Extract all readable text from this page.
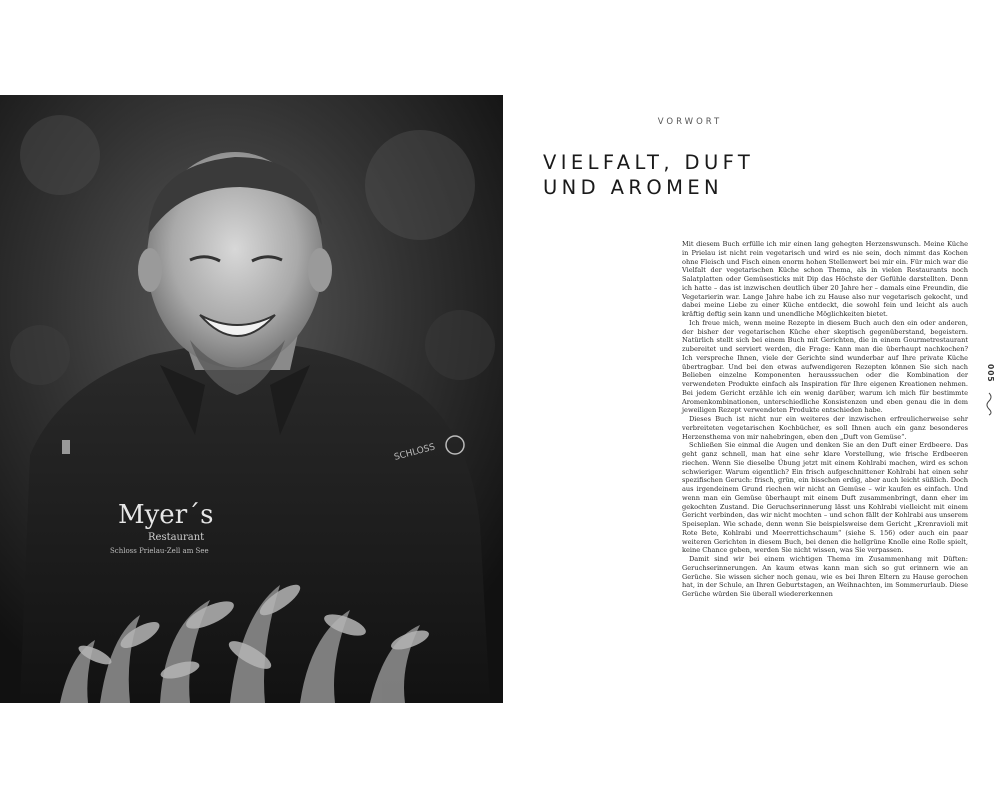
SCHLOSS
Myer´s
Restaurant
Schloss Prielau-Zell am See
VORWORT
VIELFALT, DUFT
UND AROMEN

Mit diesem Buch erfülle ich mir einen lang gehegten Herzenswunsch. Meine Küche in Prielau ist nicht rein vegetarisch und wird es nie sein, doch nimmt das Kochen ohne Fleisch und Fisch einen enorm hohen Stellenwert bei mir ein. Für mich war die Vielfalt der vegetarischen Küche schon Thema, als in vielen Restaurants noch Salatplatten oder Gemüsesticks mit Dip das Höchste der Gefühle darstellten. Denn ich hatte – das ist inzwischen deutlich über 20 Jahre her – damals eine Freundin, die Vegetarierin war. Lange Jahre habe ich zu Hause also nur vegetarisch gekocht, und dabei meine Liebe zu einer Küche entdeckt, die sowohl fein und leicht als auch kräftig deftig sein kann und unendliche Möglichkeiten bietet.

Ich freue mich, wenn meine Rezepte in diesem Buch auch den ein oder anderen, der bisher der vegetarischen Küche eher skeptisch gegenüberstand, begeistern. Natürlich stellt sich bei einem Buch mit Gerichten, die in einem Gourmetrestaurant zubereitet und serviert werden, die Frage: Kann man die überhaupt nachkochen? Ich verspreche Ihnen, viele der Gerichte sind wunderbar auf Ihre private Küche übertragbar. Und bei den etwas aufwendigeren Rezepten können Sie sich nach Belieben einzelne Komponenten herausssuchen oder die Kombination der verwendeten Produkte einfach als Inspiration für Ihre eigenen Kreationen nehmen. Bei jedem Gericht erzähle ich ein wenig darüber, warum ich mich für bestimmte Aromenkombinationen, unterschiedliche Konsistenzen und eben genau die in dem jeweiligen Rezept verwendeten Produkte entschieden habe.

Dieses Buch ist nicht nur ein weiteres der inzwischen erfreulicherweise sehr verbreiteten vegetarischen Kochbücher, es soll Ihnen auch ein ganz besonderes Herzensthema von mir nahebringen, eben den „Duft von Gemüse“.

Schließen Sie einmal die Augen und denken Sie an den Duft einer Erdbeere. Das geht ganz schnell, man hat eine sehr klare Vorstellung, wie frische Erdbeeren riechen. Wenn Sie dieselbe Übung jetzt mit einem Kohlrabi machen, wird es schon schwieriger. Warum eigentlich? Ein frisch aufgeschnittener Kohlrabi hat einen sehr spezifischen Geruch: frisch, grün, ein bisschen erdig, aber auch leicht süßlich. Doch aus irgendeinem Grund riechen wir nicht an Gemüse – wir kaufen es einfach. Und wenn man ein Gemüse überhaupt mit einem Duft zusammenbringt, dann eher im gekochten Zustand. Die Geruchserinnerung lässt uns Kohlrabi vielleicht mit einem Gericht verbinden, das wir nicht mochten – und schon fällt der Kohlrabi aus unserem Speiseplan. Wie schade, denn wenn Sie beispielsweise dem Gericht „Krenravioli mit Rote Bete, Kohlrabi und Meerrettichschaum“ (siehe S. 156) oder auch ein paar weiteren Gerichten in diesem Buch, bei denen die hellgrüne Knolle eine Rolle spielt, keine Chance geben, werden Sie nicht wissen, was Sie verpassen.

Damit sind wir bei einem wichtigen Thema im Zusammenhang mit Düften: Geruchserinnerungen. An kaum etwas kann man sich so gut erinnern wie an Gerüche. Sie wissen sicher noch genau, wie es bei Ihren Eltern zu Hause gerochen hat, in der Schule, an Ihren Geburtstagen, an Weihnachten, im Sommerurlaub. Diese Gerüche würden Sie überall wiedererkennen

005
